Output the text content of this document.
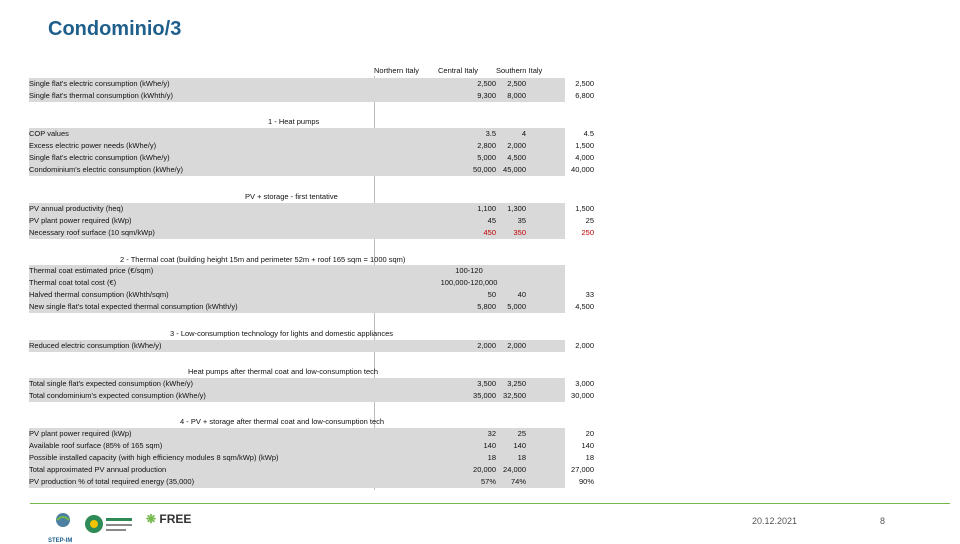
Condominio/3
Northern Italy	Central Italy Southern Italy
1 - Heat pumps
PV + storage - first tentative
2 - Thermal coat (building height 15m and perimeter 52m + roof 165 sqm = 1000 sqm)
3 - Low-consumption technology for lights and domestic appliances
Heat pumps after thermal coat and low-consumption tech
4 - PV + storage after thermal coat and low-consumption tech
Single flat's electric consumption (kWhe/y)	2,500	2,500	2,500
Single flat's thermal consumption (kWhth/y)	9,300	8,000	6,800
COP values	3.5	4	4.5
Excess electric power needs (kWhe/y)	2,800	2,000	1,500
Single flat's electric consumption (kWhe/y)	5,000	4,500	4,000
Condominium's electric consumption (kWhe/y)	50,000 45,000	40,000
PV annual productivity (heq)	1,100	1,300	1,500
PV plant power required (kWp)	45	35	25
Necessary roof surface (10 sqm/kWp)	450	350	250
Thermal coat estimated price (€/sqm)	100-120
Thermal coat total cost (€)	100,000-120,000
Halved thermal consumption (kWhth/sqm)	50	40	33
New single flat's total expected thermal consumption (kWhth/y)	5,800	5,000	4,500
Reduced electric consumption (kWhe/y)	2,000	2,000	2,000
Total single flat's expected consumption (kWhe/y)	3,500	3,250	3,000
Total condominium's expected consumption (kWhe/y)	35,000 32,500	30,000
PV plant power required (kWp)	32	25	20
Available roof surface (85% of 165 sqm)	140	140	140
Possible installed capacity (with high efficiency modules 8 sqm/kWp) (kWp)	18	18	18
Total approximated PV annual production	20,000 24,000	27,000
PV production % of total required energy (35,000)	57%	74%	90%
STEP-IM
❋ FREE	20.12.2021	8
